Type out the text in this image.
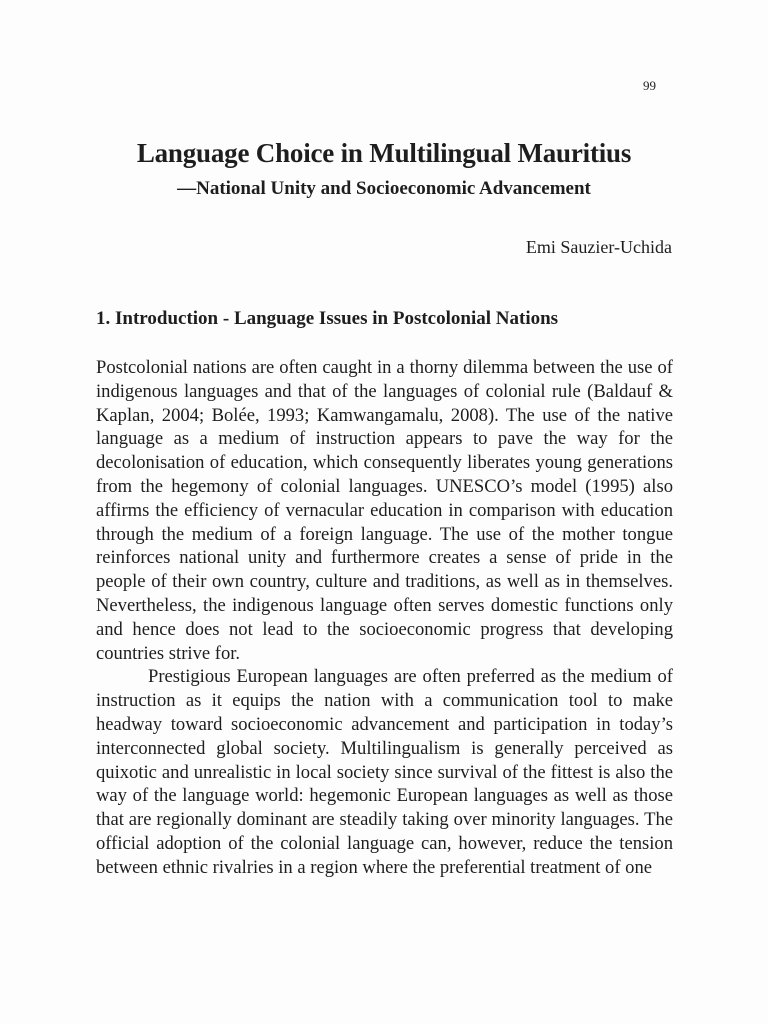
99
Language Choice in Multilingual Mauritius
—National Unity and Socioeconomic Advancement
Emi Sauzier-Uchida
1. Introduction - Language Issues in Postcolonial Nations

Postcolonial nations are often caught in a thorny dilemma between the use of indigenous languages and that of the languages of colonial rule (Baldauf & Kaplan, 2004; Bolée, 1993; Kamwangamalu, 2008). The use of the native language as a medium of instruction appears to pave the way for the decolonisation of education, which consequently liberates young generations from the hegemony of colonial languages. UNESCO’s model (1995) also affirms the efficiency of vernacular education in comparison with education through the medium of a foreign language. The use of the mother tongue reinforces national unity and furthermore creates a sense of pride in the people of their own country, culture and traditions, as well as in themselves. Nevertheless, the indigenous language often serves domestic functions only and hence does not lead to the socioeconomic progress that developing countries strive for.

Prestigious European languages are often preferred as the medium of instruction as it equips the nation with a communication tool to make headway toward socioeconomic advancement and participation in today’s interconnected global society. Multilingualism is generally perceived as quixotic and unrealistic in local society since survival of the fittest is also the way of the language world: hegemonic European languages as well as those that are regionally dominant are steadily taking over minority languages. The official adoption of the colonial language can, however, reduce the tension between ethnic rivalries in a region where the preferential treatment of one
